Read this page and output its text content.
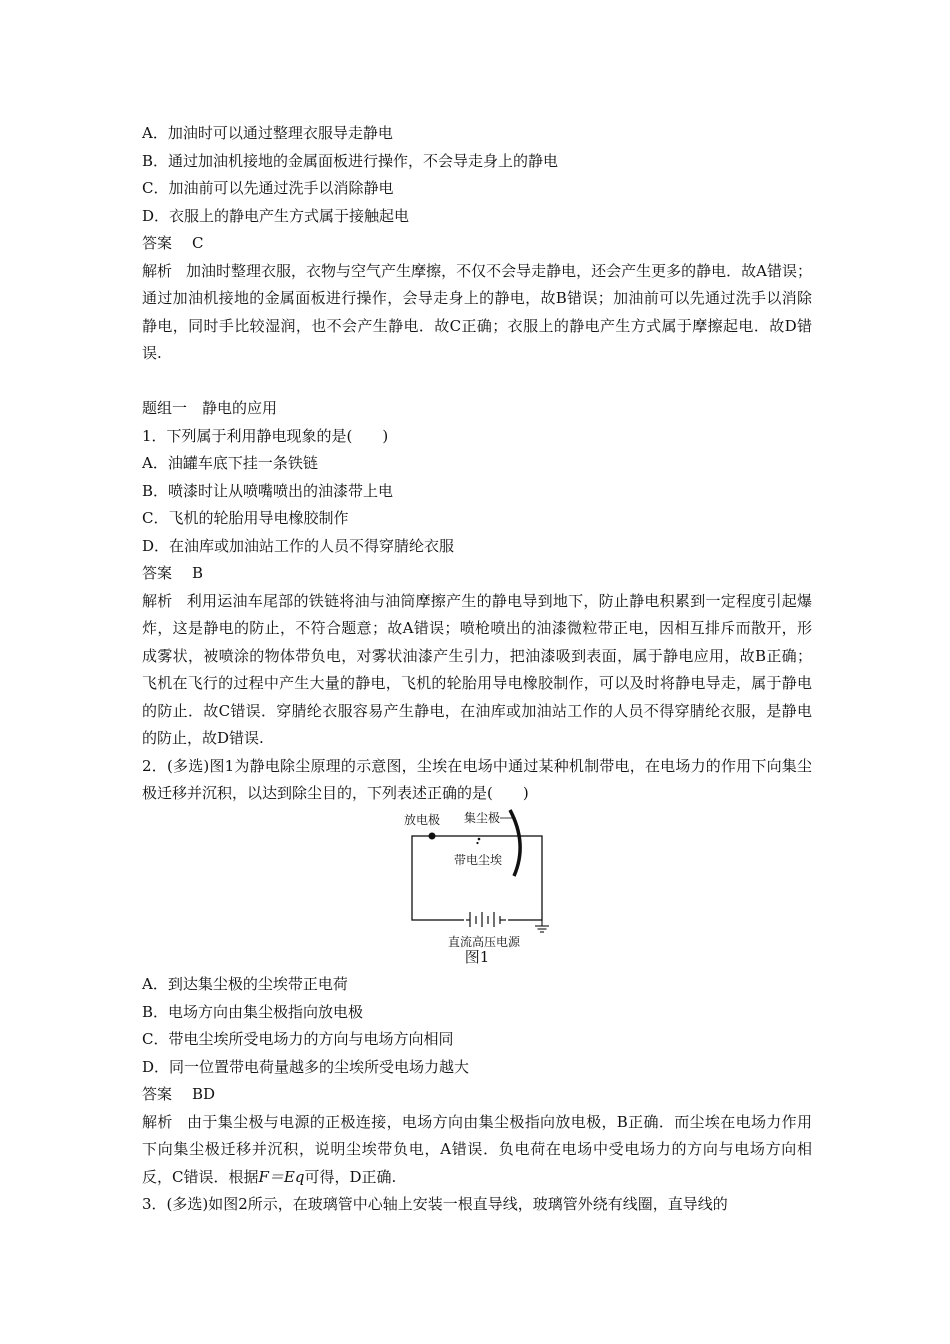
A．加油时可以通过整理衣服导走静电
B．通过加油机接地的金属面板进行操作，不会导走身上的静电
C．加油前可以先通过洗手以消除静电
D．衣服上的静电产生方式属于接触起电
答案 C
解析 加油时整理衣服，衣物与空气产生摩擦，不仅不会导走静电，还会产生更多的静电．故A错误；通过加油机接地的金属面板进行操作，会导走身上的静电，故B错误；加油前可以先通过洗手以消除静电，同时手比较湿润，也不会产生静电．故C正确；衣服上的静电产生方式属于摩擦起电．故D错误.
题组一　静电的应用
1．下列属于利用静电现象的是(　　)
A．油罐车底下挂一条铁链
B．喷漆时让从喷嘴喷出的油漆带上电
C．飞机的轮胎用导电橡胶制作
D．在油库或加油站工作的人员不得穿腈纶衣服
答案 B
解析 利用运油车尾部的铁链将油与油筒摩擦产生的静电导到地下，防止静电积累到一定程度引起爆炸，这是静电的防止，不符合题意；故A错误；喷枪喷出的油漆微粒带正电，因相互排斥而散开，形成雾状，被喷涂的物体带负电，对雾状油漆产生引力，把油漆吸到表面，属于静电应用，故B正确；飞机在飞行的过程中产生大量的静电，飞机的轮胎用导电橡胶制作，可以及时将静电导走，属于静电的防止．故C错误．穿腈纶衣服容易产生静电，在油库或加油站工作的人员不得穿腈纶衣服，是静电的防止，故D错误.
2．(多选)图1为静电除尘原理的示意图，尘埃在电场中通过某种机制带电，在电场力的作用下向集尘极迁移并沉积，以达到除尘目的，下列表述正确的是(　　)
放电极 集尘极
带电尘埃
直流高压电源
图1
A．到达集尘极的尘埃带正电荷
B．电场方向由集尘极指向放电极
C．带电尘埃所受电场力的方向与电场方向相同
D．同一位置带电荷量越多的尘埃所受电场力越大
答案 BD
解析 由于集尘极与电源的正极连接，电场方向由集尘极指向放电极，B正确．而尘埃在电场力作用下向集尘极迁移并沉积，说明尘埃带负电，A错误．负电荷在电场中受电场力的方向与电场方向相反，C错误．根据F＝Eq可得，D正确.
3．(多选)如图2所示，在玻璃管中心轴上安装一根直导线，玻璃管外绕有线圈，直导线的
